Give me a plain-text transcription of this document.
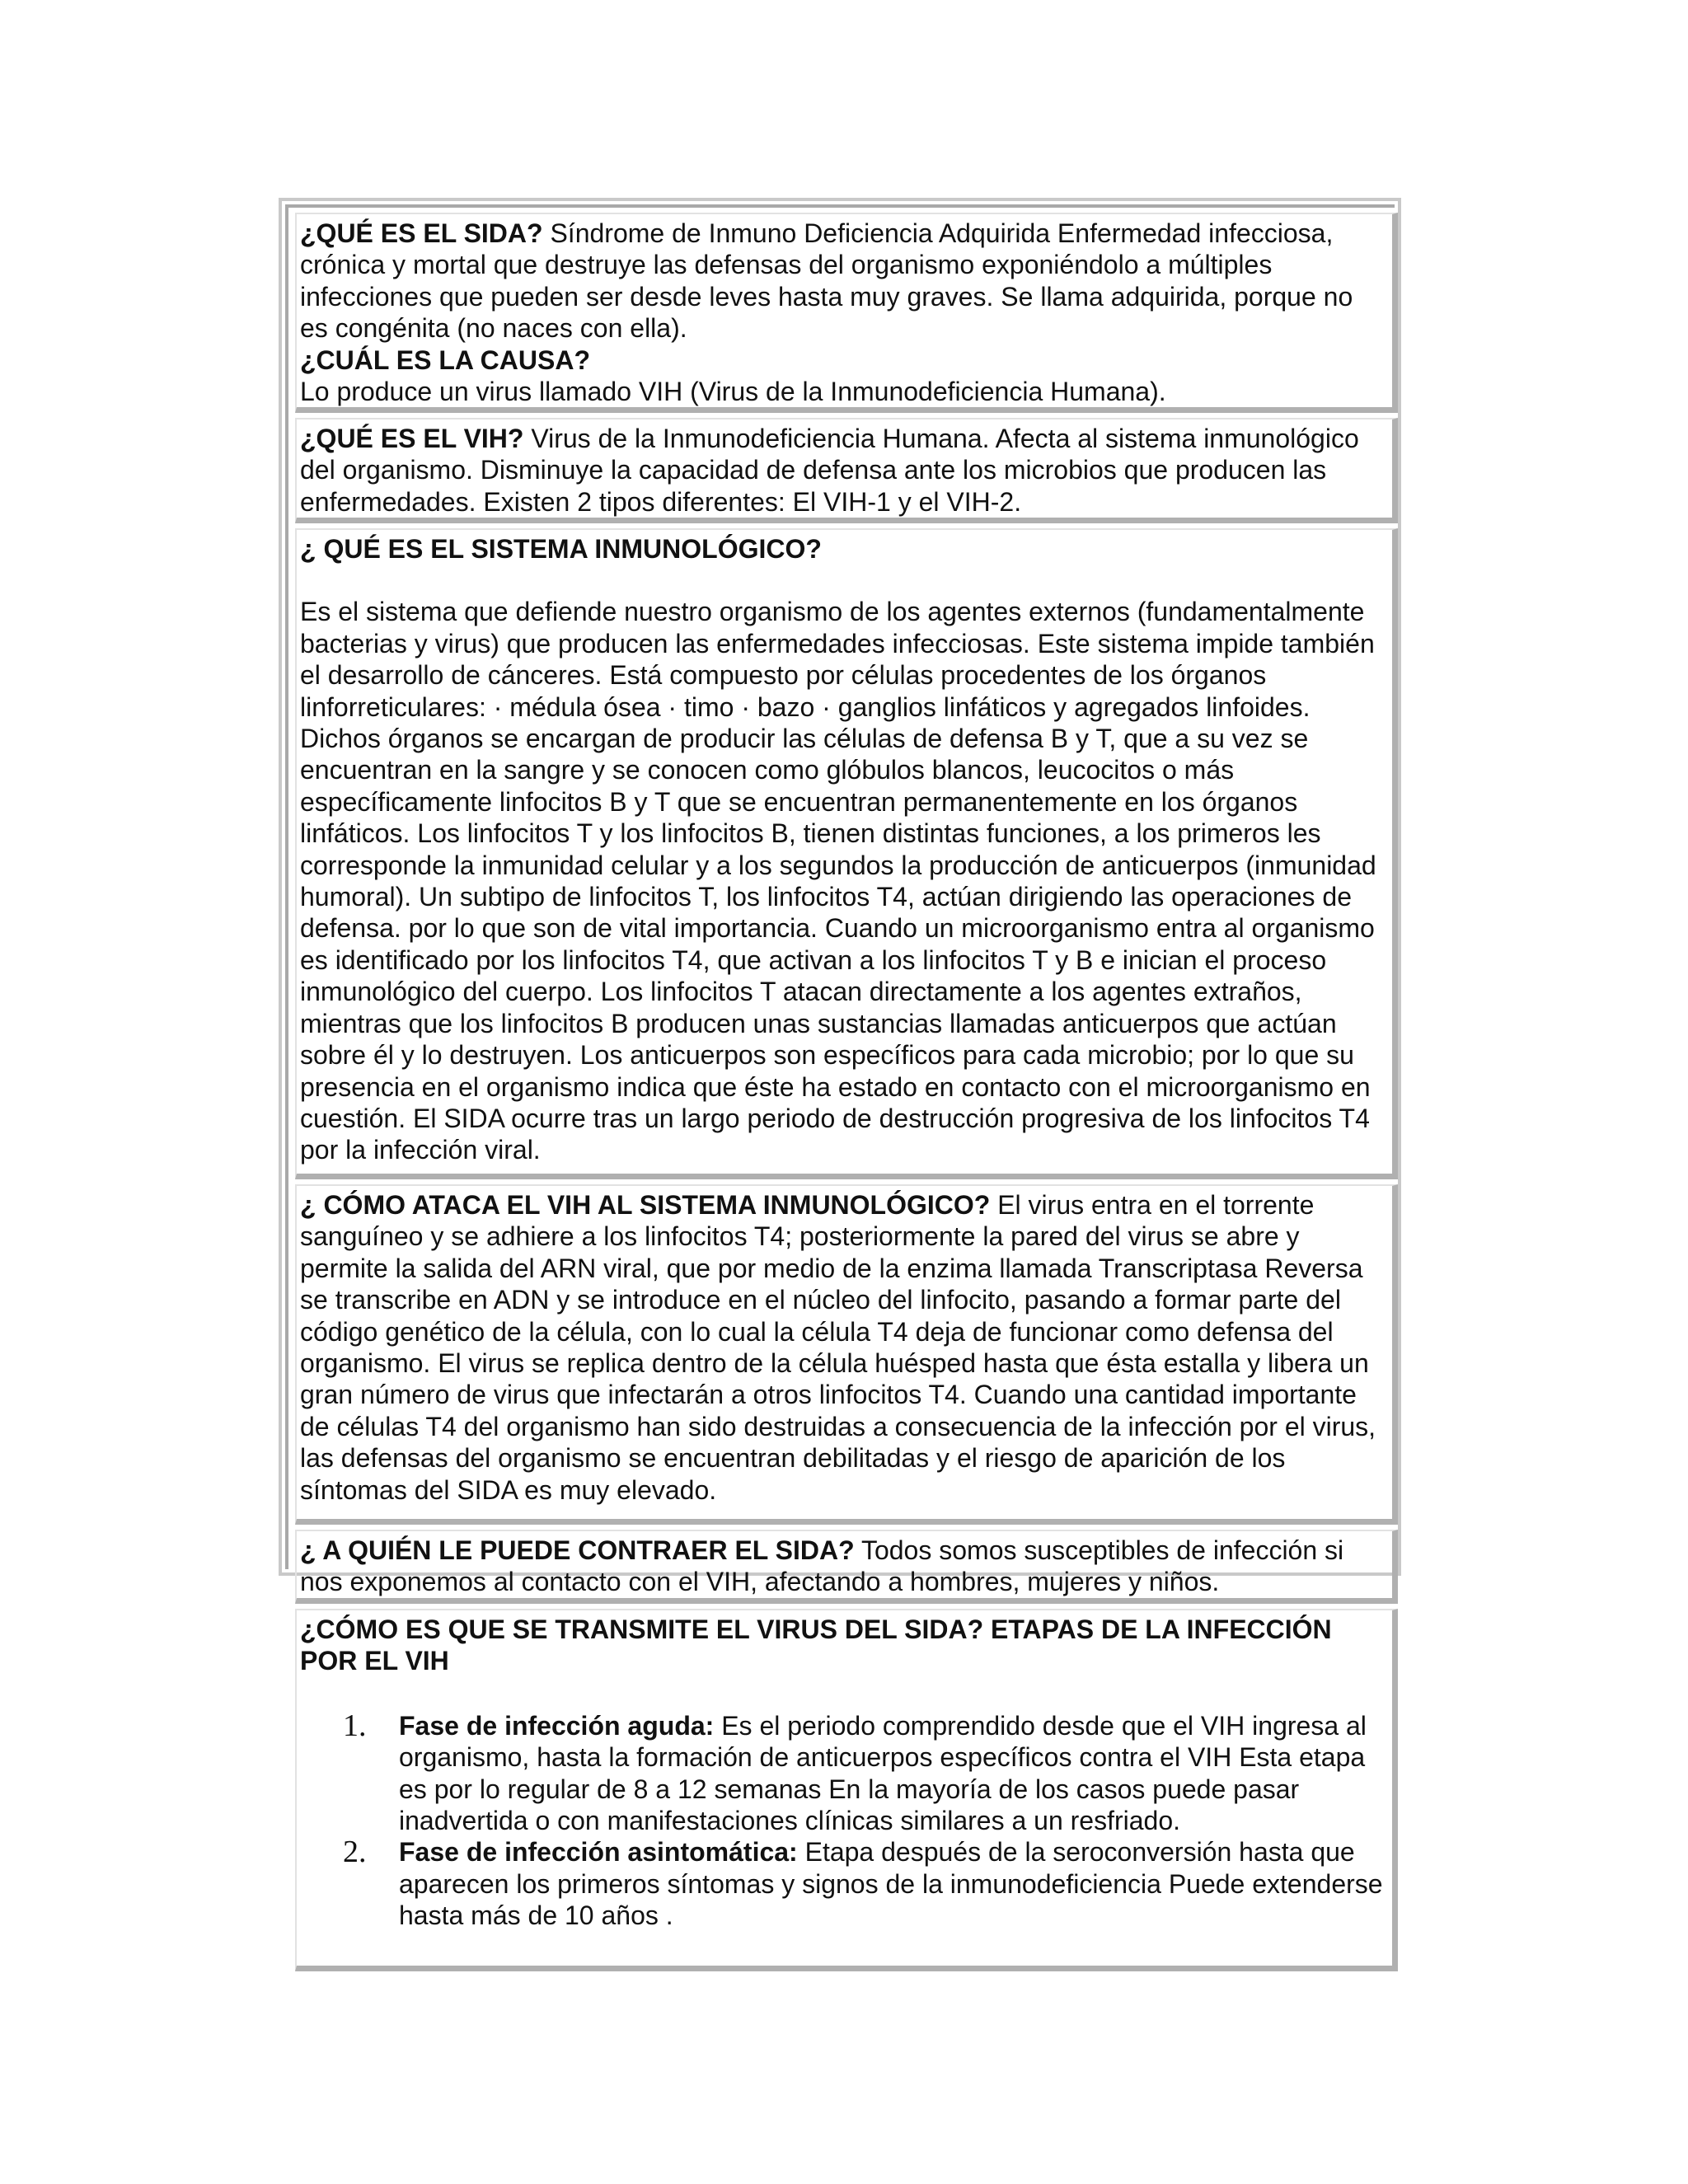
¿QUÉ ES EL SIDA? Síndrome de Inmuno Deficiencia Adquirida Enfermedad infecciosa, crónica y mortal que destruye las defensas del organismo exponiéndolo a múltiples infecciones que pueden ser desde leves hasta muy graves. Se llama adquirida, porque no es congénita (no naces con ella).

¿CUÁL ES LA CAUSA?

Lo produce un virus llamado VIH (Virus de la Inmunodeficiencia Humana).

¿QUÉ ES EL VIH? Virus de la Inmunodeficiencia Humana. Afecta al sistema inmunológico del organismo. Disminuye la capacidad de defensa ante los microbios que producen las enfermedades. Existen 2 tipos diferentes: El VIH-1 y el VIH-2.

¿ QUÉ ES EL SISTEMA INMUNOLÓGICO?

Es el sistema que defiende nuestro organismo de los agentes externos (fundamentalmente bacterias y virus) que producen las enfermedades infecciosas. Este sistema impide también el desarrollo de cánceres. Está compuesto por células procedentes de los órganos linforreticulares: · médula ósea · timo · bazo · ganglios linfáticos y agregados linfoides. Dichos órganos se encargan de producir las células de defensa B y T, que a su vez se encuentran en la sangre y se conocen como glóbulos blancos, leucocitos o más específicamente linfocitos B y T que se encuentran permanentemente en los órganos linfáticos. Los linfocitos T y los linfocitos B, tienen distintas funciones, a los primeros les corresponde la inmunidad celular y a los segundos la producción de anticuerpos (inmunidad humoral). Un subtipo de linfocitos T, los linfocitos T4, actúan dirigiendo las operaciones de defensa. por lo que son de vital importancia. Cuando un microorganismo entra al organismo es identificado por los linfocitos T4, que activan a los linfocitos T y B e inician el proceso inmunológico del cuerpo. Los linfocitos T atacan directamente a los agentes extraños, mientras que los linfocitos B producen unas sustancias llamadas anticuerpos que actúan sobre él y lo destruyen. Los anticuerpos son específicos para cada microbio; por lo que su presencia en el organismo indica que éste ha estado en contacto con el microorganismo en cuestión. El SIDA ocurre tras un largo periodo de destrucción progresiva de los linfocitos T4 por la infección viral.

¿ CÓMO ATACA EL VIH AL SISTEMA INMUNOLÓGICO? El virus entra en el torrente sanguíneo y se adhiere a los linfocitos T4; posteriormente la pared del virus se abre y permite la salida del ARN viral, que por medio de la enzima llamada Transcriptasa Reversa se transcribe en ADN y se introduce en el núcleo del linfocito, pasando a formar parte del código genético de la célula, con lo cual la célula T4 deja de funcionar como defensa del organismo. El virus se replica dentro de la célula huésped hasta que ésta estalla y libera un gran número de virus que infectarán a otros linfocitos T4. Cuando una cantidad importante de células T4 del organismo han sido destruidas a consecuencia de la infección por el virus, las defensas del organismo se encuentran debilitadas y el riesgo de aparición de los síntomas del SIDA es muy elevado.

¿ A QUIÉN LE PUEDE CONTRAER EL SIDA? Todos somos susceptibles de infección si nos exponemos al contacto con el VIH, afectando a hombres, mujeres y niños.

¿CÓMO ES QUE SE TRANSMITE EL VIRUS DEL SIDA? ETAPAS DE LA INFECCIÓN POR EL VIH

1. Fase de infección aguda: Es el periodo comprendido desde que el VIH ingresa al organismo, hasta la formación de anticuerpos específicos contra el VIH Esta etapa es por lo regular de 8 a 12 semanas En la mayoría de los casos puede pasar inadvertida o con manifestaciones clínicas similares a un resfriado.
2. Fase de infección asintomática: Etapa después de la seroconversión hasta que aparecen los primeros síntomas y signos de la inmunodeficiencia Puede extenderse hasta más de 10 años .
